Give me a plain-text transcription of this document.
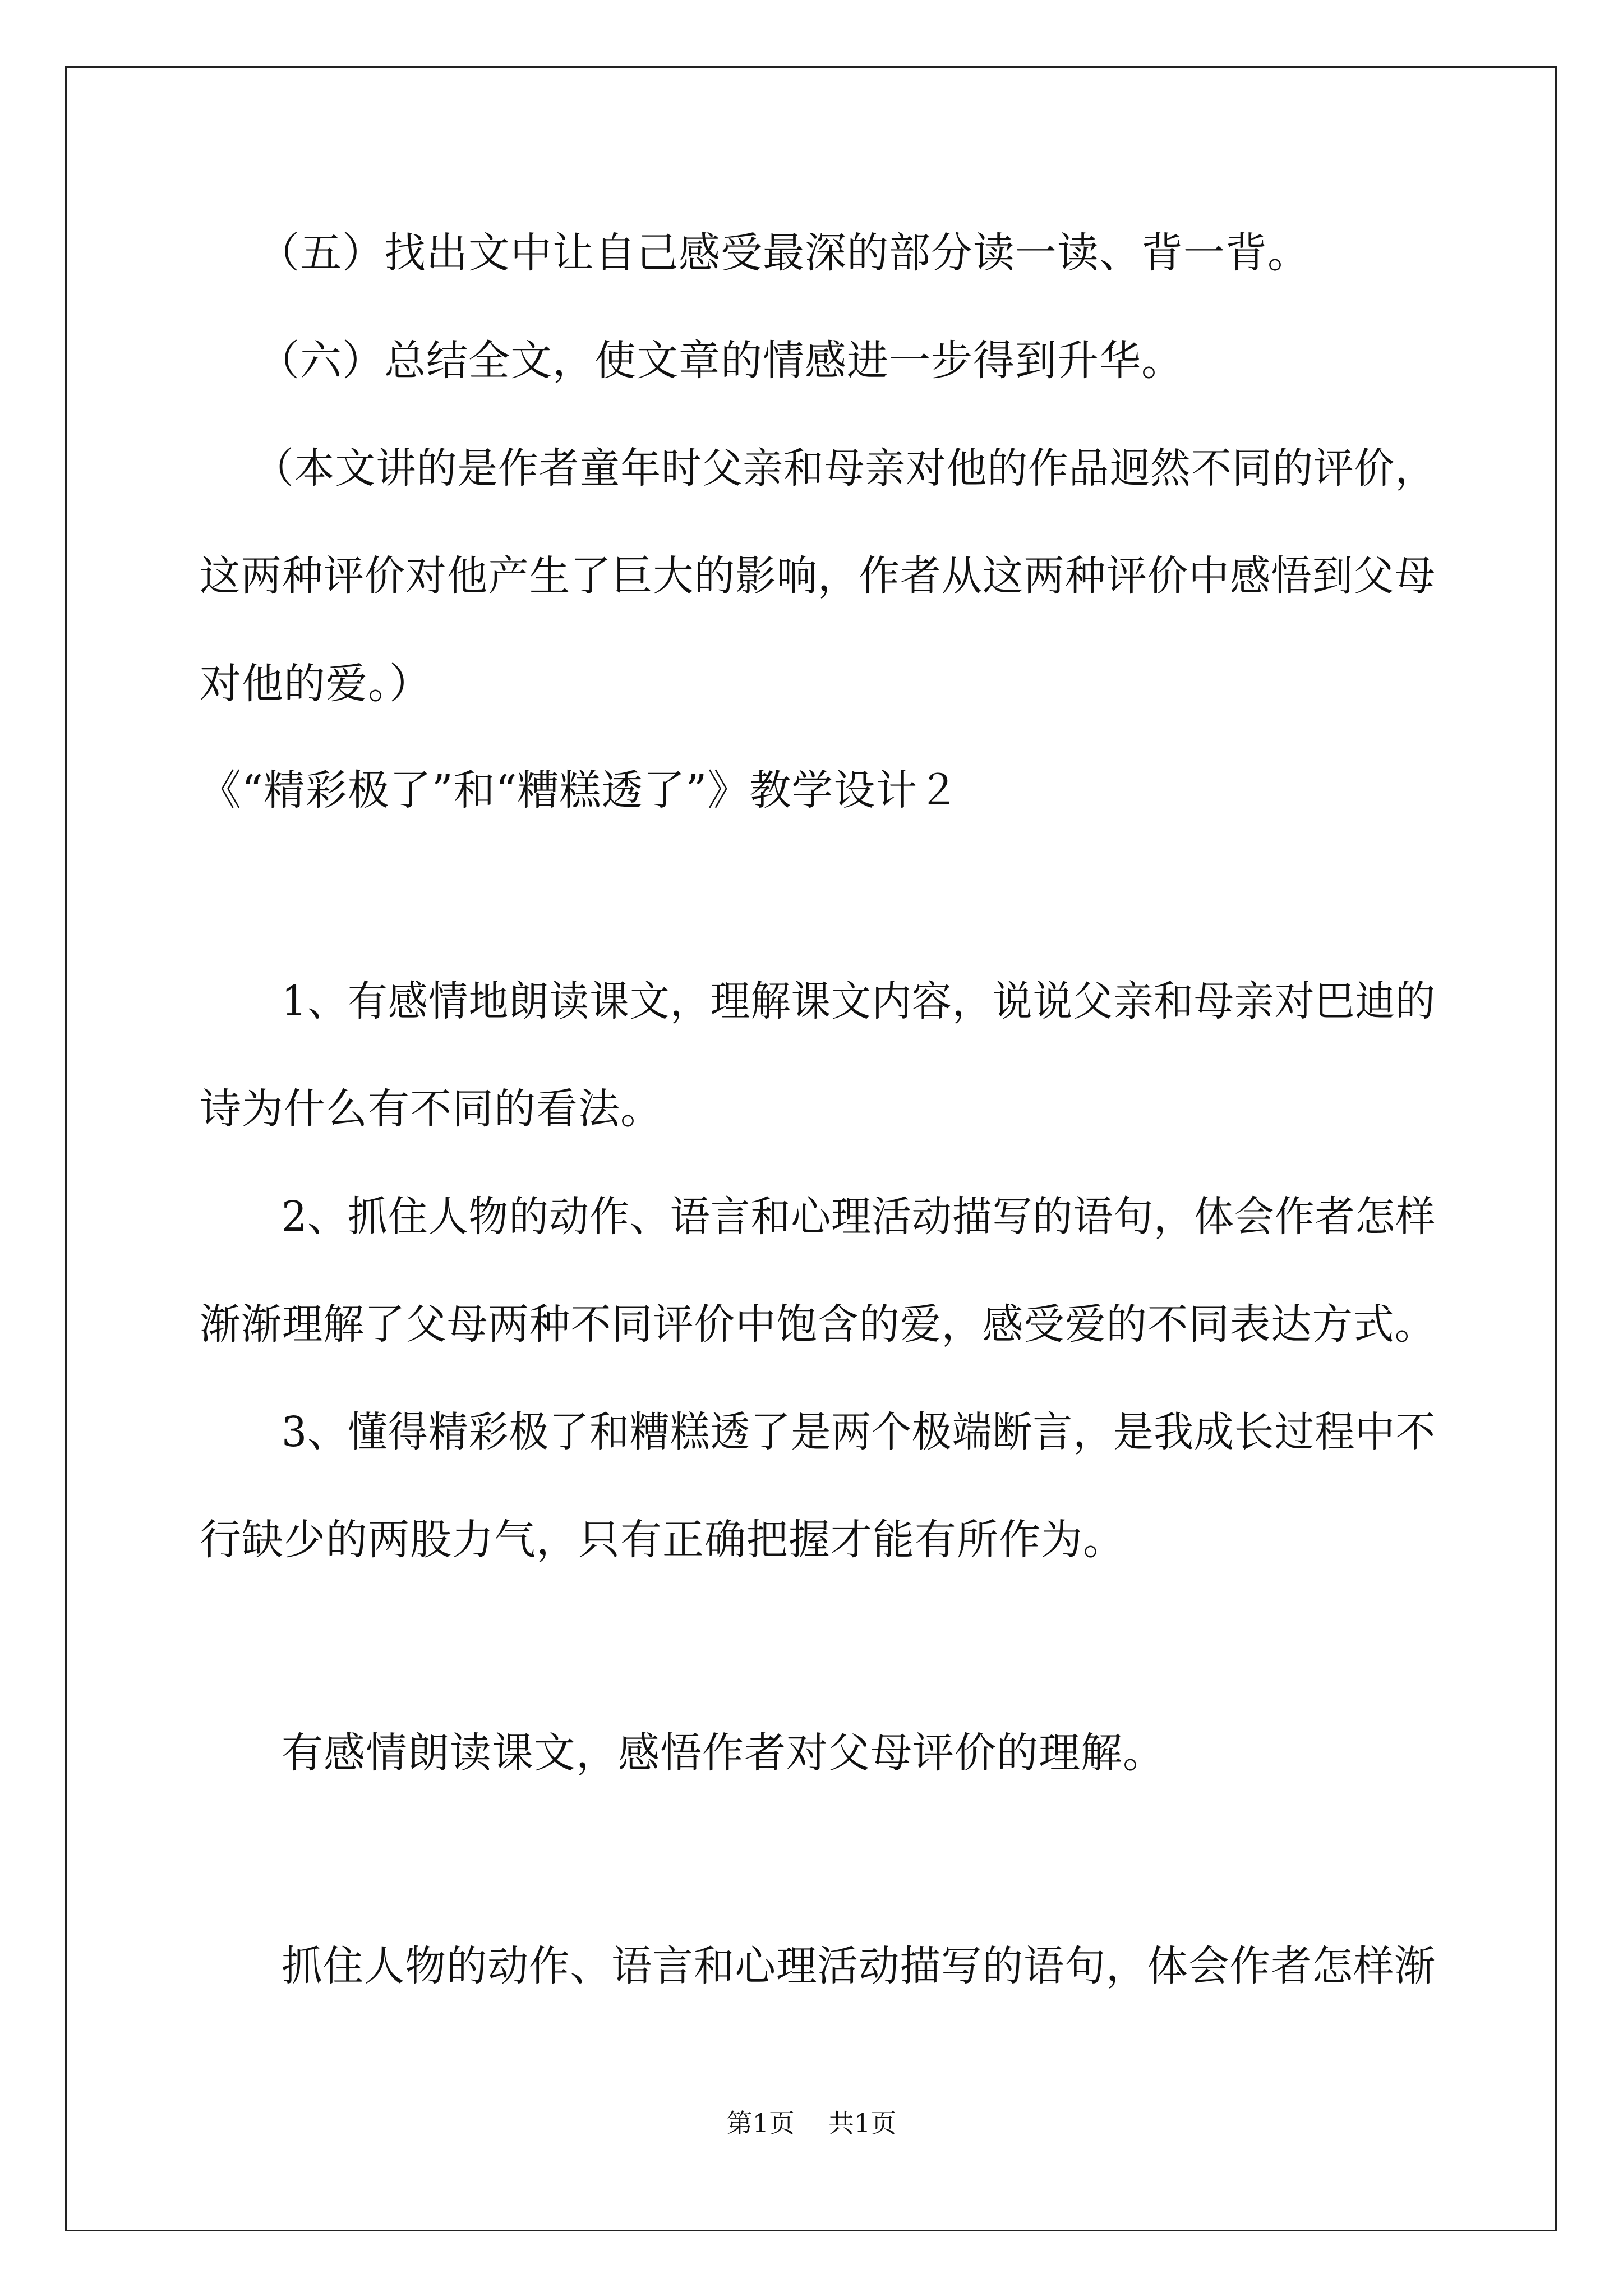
（五）找出文中让自己感受最深的部分读一读、背一背。
（六）总结全文，使文章的情感进一步得到升华。
（本文讲的是作者童年时父亲和母亲对他的作品迥然不同的评价，
这两种评价对他产生了巨大的影响，作者从这两种评价中感悟到父母
对他的爱。）
《“精彩极了”和“糟糕透了”》教学设计２
1、有感情地朗读课文，理解课文内容，说说父亲和母亲对巴迪的
诗为什么有不同的看法。
2、抓住人物的动作、语言和心理活动描写的语句，体会作者怎样
渐渐理解了父母两种不同评价中饱含的爱，感受爱的不同表达方式。
3、懂得精彩极了和糟糕透了是两个极端断言，是我成长过程中不
行缺少的两股力气，只有正确把握才能有所作为。
有感情朗读课文，感悟作者对父母评价的理解。
抓住人物的动作、语言和心理活动描写的语句，体会作者怎样渐
第1页 共1页
